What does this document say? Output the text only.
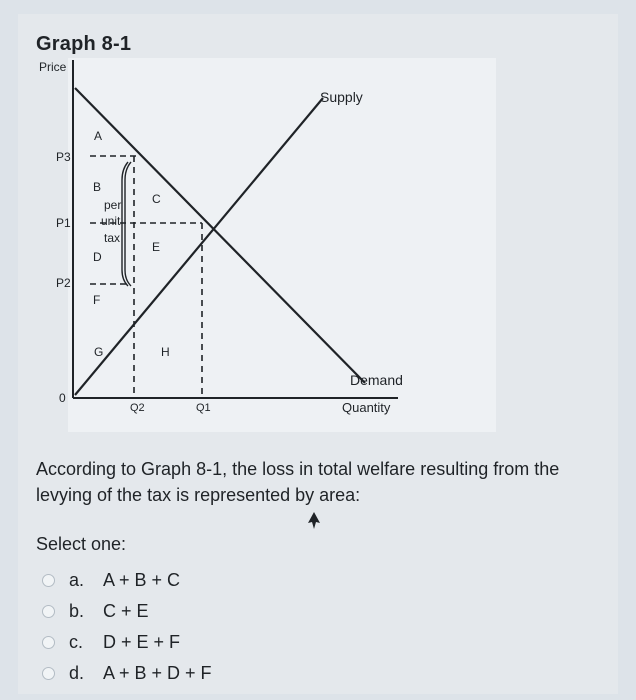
Graph 8-1
Price
P3
P1
P2
0
Q2	Q1	Quantity
Supply
Demand
A
B
C
D
E
F
G	H
per
unit
tax
According to Graph 8-1, the loss in total welfare resulting from the levying of the tax is represented by area:
Select one:
a.	A + B + C
b.	C + E
c.	D + E + F
d.	A + B + D + F
